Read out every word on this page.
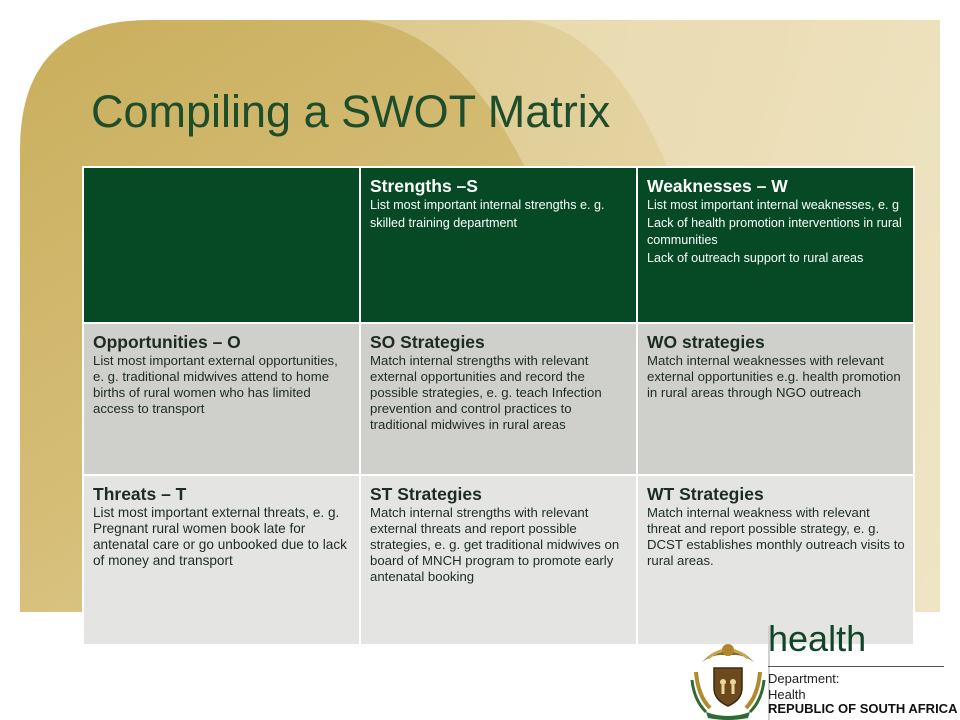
Compiling a SWOT Matrix

	Strengths –S
List most important internal strengths e. g.
skilled training department	Weaknesses – W
List most important internal weaknesses, e. g Lack of health promotion interventions in rural communities
Lack of outreach support to rural areas

Opportunities – O
List most important external opportunities, e. g. traditional midwives attend to home births of rural women who has limited access to transport	SO Strategies
Match internal strengths with relevant external opportunities and record the possible strategies, e. g. teach Infection prevention and control practices to traditional midwives in rural areas	WO strategies
Match internal weaknesses with relevant external opportunities e.g. health promotion in rural areas through NGO outreach

Threats – T
List most important external threats, e. g.
Pregnant rural women book late for antenatal care or go unbooked due to lack of money and transport	ST Strategies
Match internal strengths with relevant external threats and report possible strategies, e. g. get traditional midwives on board of MNCH program to promote early antenatal booking	WT Strategies
Match internal weakness with relevant threat and report possible strategy, e. g. DCST establishes monthly outreach visits to rural areas.
health
Department:
Health
REPUBLIC OF SOUTH AFRICA
